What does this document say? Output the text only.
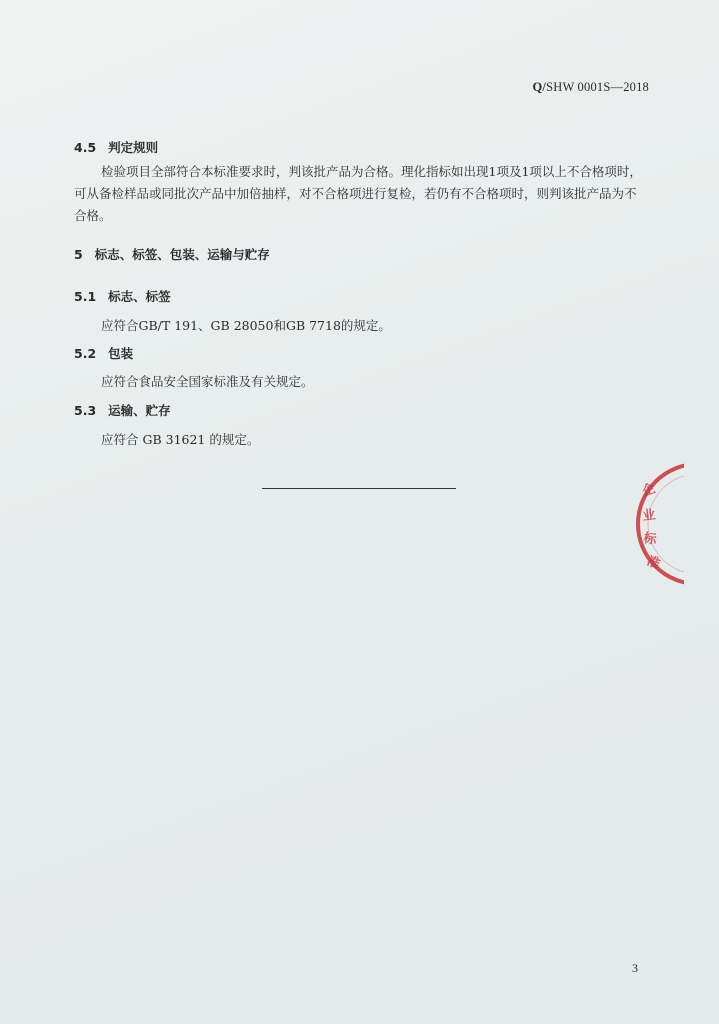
Q/SHW 0001S—2018
4.5 判定规则
检验项目全部符合本标准要求时，判该批产品为合格。理化指标如出现1项及1项以上不合格项时，
可从备检样品或同批次产品中加倍抽样，对不合格项进行复检，若仍有不合格项时，则判该批产品为不
合格。
5 标志、标签、包装、运输与贮存
5.1 标志、标签
应符合GB/T 191、GB 28050和GB 7718的规定。
5.2 包装
应符合食品安全国家标准及有关规定。
5.3 运输、贮存
应符合 GB 31621 的规定。
企
业
标
准
3
